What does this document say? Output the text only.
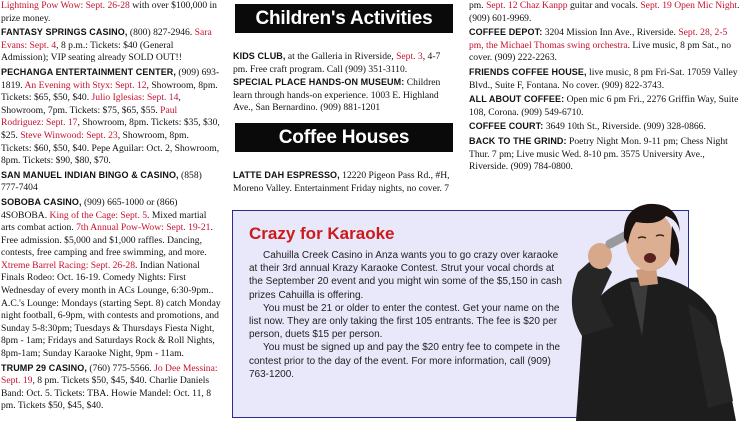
Lightning Pow Wow: Sept. 26-28 with over $100,000 in prize money.

FANTASY SPRINGS CASINO, (800) 827-2946. Sara Evans: Sept. 4, 8 p.m.: Tickets: $40 (General Admission); VIP seating already SOLD OUT!!

PECHANGA ENTERTAINMENT CENTER, (909) 693-1819. An Evening with Styx: Sept. 12, Showroom, 8pm. Tickets: $65, $50, $40. Julio Iglesias: Sept. 14, Showroom, 7pm. Tickets: $75, $65, $55. Paul Rodriguez: Sept. 17, Showroom, 8pm. Tickets: $35, $30, $25. Steve Winwood: Sept. 23, Showroom, 8pm. Tickets: $60, $50, $40. Pepe Aguilar: Oct. 2, Showroom, 8pm. Tickets: $90, $80, $70.

SAN MANUEL INDIAN BINGO & CASINO, (858) 777-7404

SOBOBA CASINO, (909) 665-1000 or (866) 4SOBOBA. King of the Cage: Sept. 5. Mixed martial arts combat action. 7th Annual Pow-Wow: Sept. 19-21. Free admission. $5,000 and $1,000 raffles. Dancing, contests, free camping and free swimming, and more. Xtreme Barrel Racing: Sept. 26-28. Indian National Finals Rodeo: Oct. 16-19. Comedy Nights: First Wednesday of every month in ACs Lounge, 6:30-9pm.. A.C.'s Lounge: Mondays (starting Sept. 8) catch Monday night football, 6-9pm, with contests and promotions, and Sunday 5-8:30pm; Tuesdays & Thursdays Fiesta Night, 8pm - 1am; Fridays and Saturdays Rock & Roll Nights, 8pm-1am; Sunday Karaoke Night, 9pm - 11am.

TRUMP 29 CASINO, (760) 775-5566. Jo Dee Messina: Sept. 19, 8 pm. Tickets $50, $45, $40. Charlie Daniels Band: Oct. 5. Tickets: TBA. Howie Mandel: Oct. 11, 8 pm. Tickets $50, $45, $40.

Children's Activities

KIDS CLUB, at the Galleria in Riverside, Sept. 3, 4-7 pm. Free craft program. Call (909) 351-3110.

SPECIAL PLACE HANDS-ON MUSEUM: Children learn through hands-on experience. 1003 E. Highland Ave., San Bernardino. (909) 881-1201

Coffee Houses

LATTE DAH ESPRESSO, 12220 Pigeon Pass Rd., #H, Moreno Valley. Entertainment Friday nights, no cover. 7

pm. Sept. 12 Chaz Kanpp guitar and vocals. Sept. 19 Open Mic Night. (909) 601-9969.

COFFEE DEPOT: 3204 Mission Inn Ave., Riverside. Sept. 28, 2-5 pm, the Michael Thomas swing orchestra. Live music, 8 pm Sat., no cover. (909) 222-2263.

FRIENDS COFFEE HOUSE, live music, 8 pm Fri-Sat. 17059 Valley Blvd., Suite F, Fontana. No cover. (909) 822-3743.

ALL ABOUT COFFEE: Open mic 6 pm Fri., 2276 Griffin Way, Suite 108, Corona. (909) 549-6710.

COFFEE COURT: 3649 10th St., Riverside. (909) 328-0866.

BACK TO THE GRIND: Poetry Night Mon. 9-11 pm; Chess Night Thur. 7 pm; Live music Wed. 8-10 pm. 3575 University Ave., Riverside. (909) 784-0800.

Crazy for Karaoke

Cahuilla Creek Casino in Anza wants you to go crazy over karaoke at their 3rd annual Krazy Karaoke Contest. Strut your vocal chords at the September 20 event and you might win some of the $5,150 in cash prizes Cahuilla is offering.

You must be 21 or older to enter the contest. Get your name on the list now. They are only taking the first 105 entrants. The fee is $20 per person, duets $15 per person.

You must be signed up and pay the $20 entry fee to compete in the contest prior to the day of the event. For more information, call (909) 763-1200.
